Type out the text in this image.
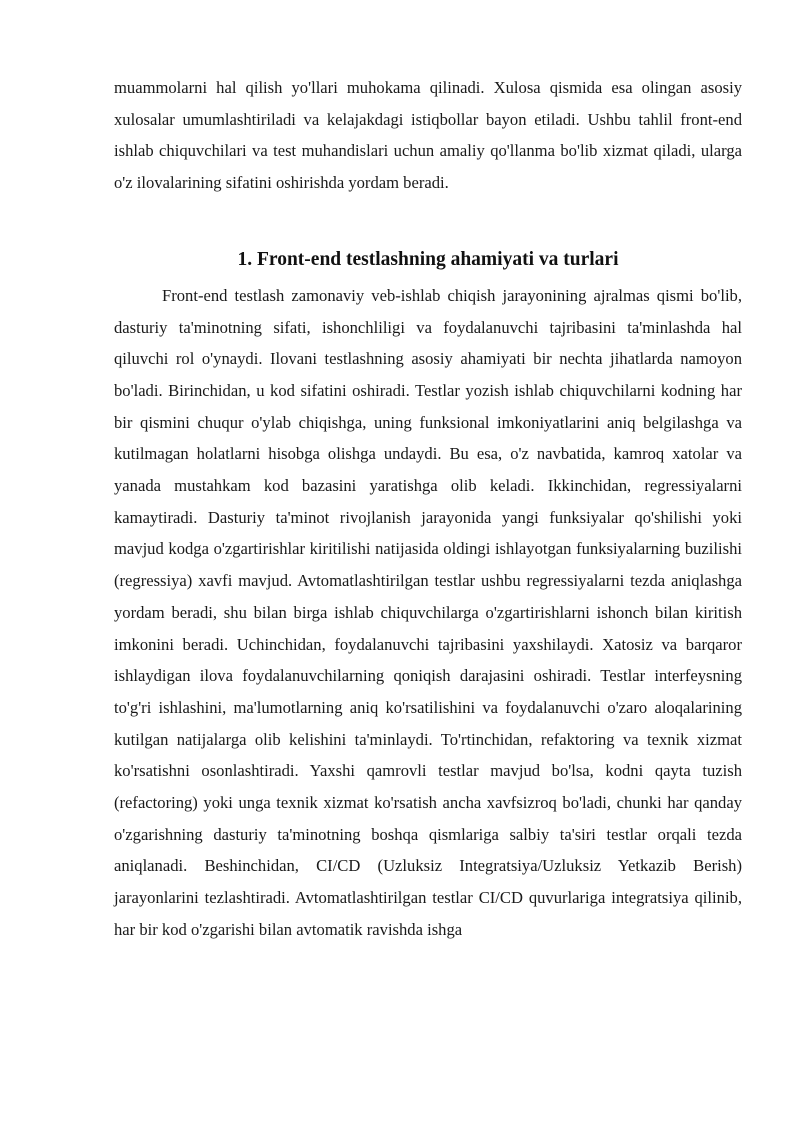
muammolarni hal qilish yo'llari muhokama qilinadi. Xulosa qismida esa olingan asosiy xulosalar umumlashtiriladi va kelajakdagi istiqbollar bayon etiladi. Ushbu tahlil front-end ishlab chiquvchilari va test muhandislari uchun amaliy qo'llanma bo'lib xizmat qiladi, ularga o'z ilovalarining sifatini oshirishda yordam beradi.

1. Front-end testlashning ahamiyati va turlari

Front-end testlash zamonaviy veb-ishlab chiqish jarayonining ajralmas qismi bo'lib, dasturiy ta'minotning sifati, ishonchliligi va foydalanuvchi tajribasini ta'minlashda hal qiluvchi rol o'ynaydi. Ilovani testlashning asosiy ahamiyati bir nechta jihatlarda namoyon bo'ladi. Birinchidan, u kod sifatini oshiradi. Testlar yozish ishlab chiquvchilarni kodning har bir qismini chuqur o'ylab chiqishga, uning funksional imkoniyatlarini aniq belgilashga va kutilmagan holatlarni hisobga olishga undaydi. Bu esa, o'z navbatida, kamroq xatolar va yanada mustahkam kod bazasini yaratishga olib keladi. Ikkinchidan, regressiyalarni kamaytiradi. Dasturiy ta'minot rivojlanish jarayonida yangi funksiyalar qo'shilishi yoki mavjud kodga o'zgartirishlar kiritilishi natijasida oldingi ishlayotgan funksiyalarning buzilishi (regressiya) xavfi mavjud. Avtomatlashtirilgan testlar ushbu regressiyalarni tezda aniqlashga yordam beradi, shu bilan birga ishlab chiquvchilarga o'zgartirishlarni ishonch bilan kiritish imkonini beradi. Uchinchidan, foydalanuvchi tajribasini yaxshilaydi. Xatosiz va barqaror ishlaydigan ilova foydalanuvchilarning qoniqish darajasini oshiradi. Testlar interfeysning to'g'ri ishlashini, ma'lumotlarning aniq ko'rsatilishini va foydalanuvchi o'zaro aloqalarining kutilgan natijalarga olib kelishini ta'minlaydi. To'rtinchidan, refaktoring va texnik xizmat ko'rsatishni osonlashtiradi. Yaxshi qamrovli testlar mavjud bo'lsa, kodni qayta tuzish (refactoring) yoki unga texnik xizmat ko'rsatish ancha xavfsizroq bo'ladi, chunki har qanday o'zgarishning dasturiy ta'minotning boshqa qismlariga salbiy ta'siri testlar orqali tezda aniqlanadi. Beshinchidan, CI/CD (Uzluksiz Integratsiya/Uzluksiz Yetkazib Berish) jarayonlarini tezlashtiradi. Avtomatlashtirilgan testlar CI/CD quvurlariga integratsiya qilinib, har bir kod o'zgarishi bilan avtomatik ravishda ishga
